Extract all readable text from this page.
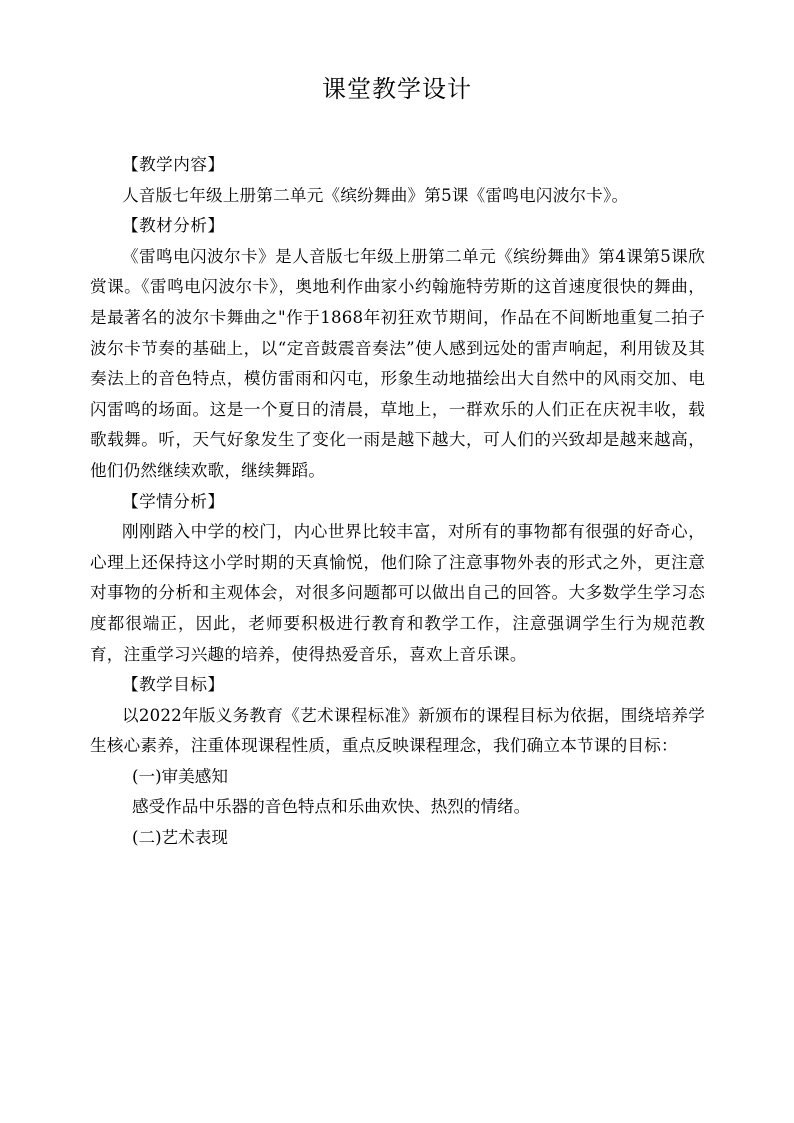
课堂教学设计

【教学内容】

人音版七年级上册第二单元《缤纷舞曲》第5课《雷鸣电闪波尔卡》。

【教材分析】

《雷鸣电闪波尔卡》是人音版七年级上册第二单元《缤纷舞曲》第4课第5课欣赏课。《雷鸣电闪波尔卡》，奥地利作曲家小约翰施特劳斯的这首速度很快的舞曲，是最著名的波尔卡舞曲之"作于1868年初狂欢节期间，作品在不间断地重复二拍子波尔卡节奏的基础上，以“定音鼓震音奏法”使人感到远处的雷声响起，利用钹及其奏法上的音色特点，模仿雷雨和闪屯，形象生动地描绘出大自然中的风雨交加、电闪雷鸣的场面。这是一个夏日的清晨，草地上，一群欢乐的人们正在庆祝丰收，载歌载舞。听，天气好象发生了变化一雨是越下越大，可人们的兴致却是越来越高，他们仍然继续欢歌，继续舞蹈。

【学情分析】

刚刚踏入中学的校门，内心世界比较丰富，对所有的事物都有很强的好奇心，心理上还保持这小学时期的天真愉悦，他们除了注意事物外表的形式之外，更注意对事物的分析和主观体会，对很多问题都可以做出自己的回答。大多数学生学习态度都很端正，因此，老师要积极进行教育和教学工作，注意强调学生行为规范教育，注重学习兴趣的培养，使得热爱音乐，喜欢上音乐课。

【教学目标】

以2022年版义务教育《艺术课程标准》新颁布的课程目标为依据，围绕培养学生核心素养，注重体现课程性质，重点反映课程理念，我们确立本节课的目标：

(一)审美感知

感受作品中乐器的音色特点和乐曲欢快、热烈的情绪。

(二)艺术表现
